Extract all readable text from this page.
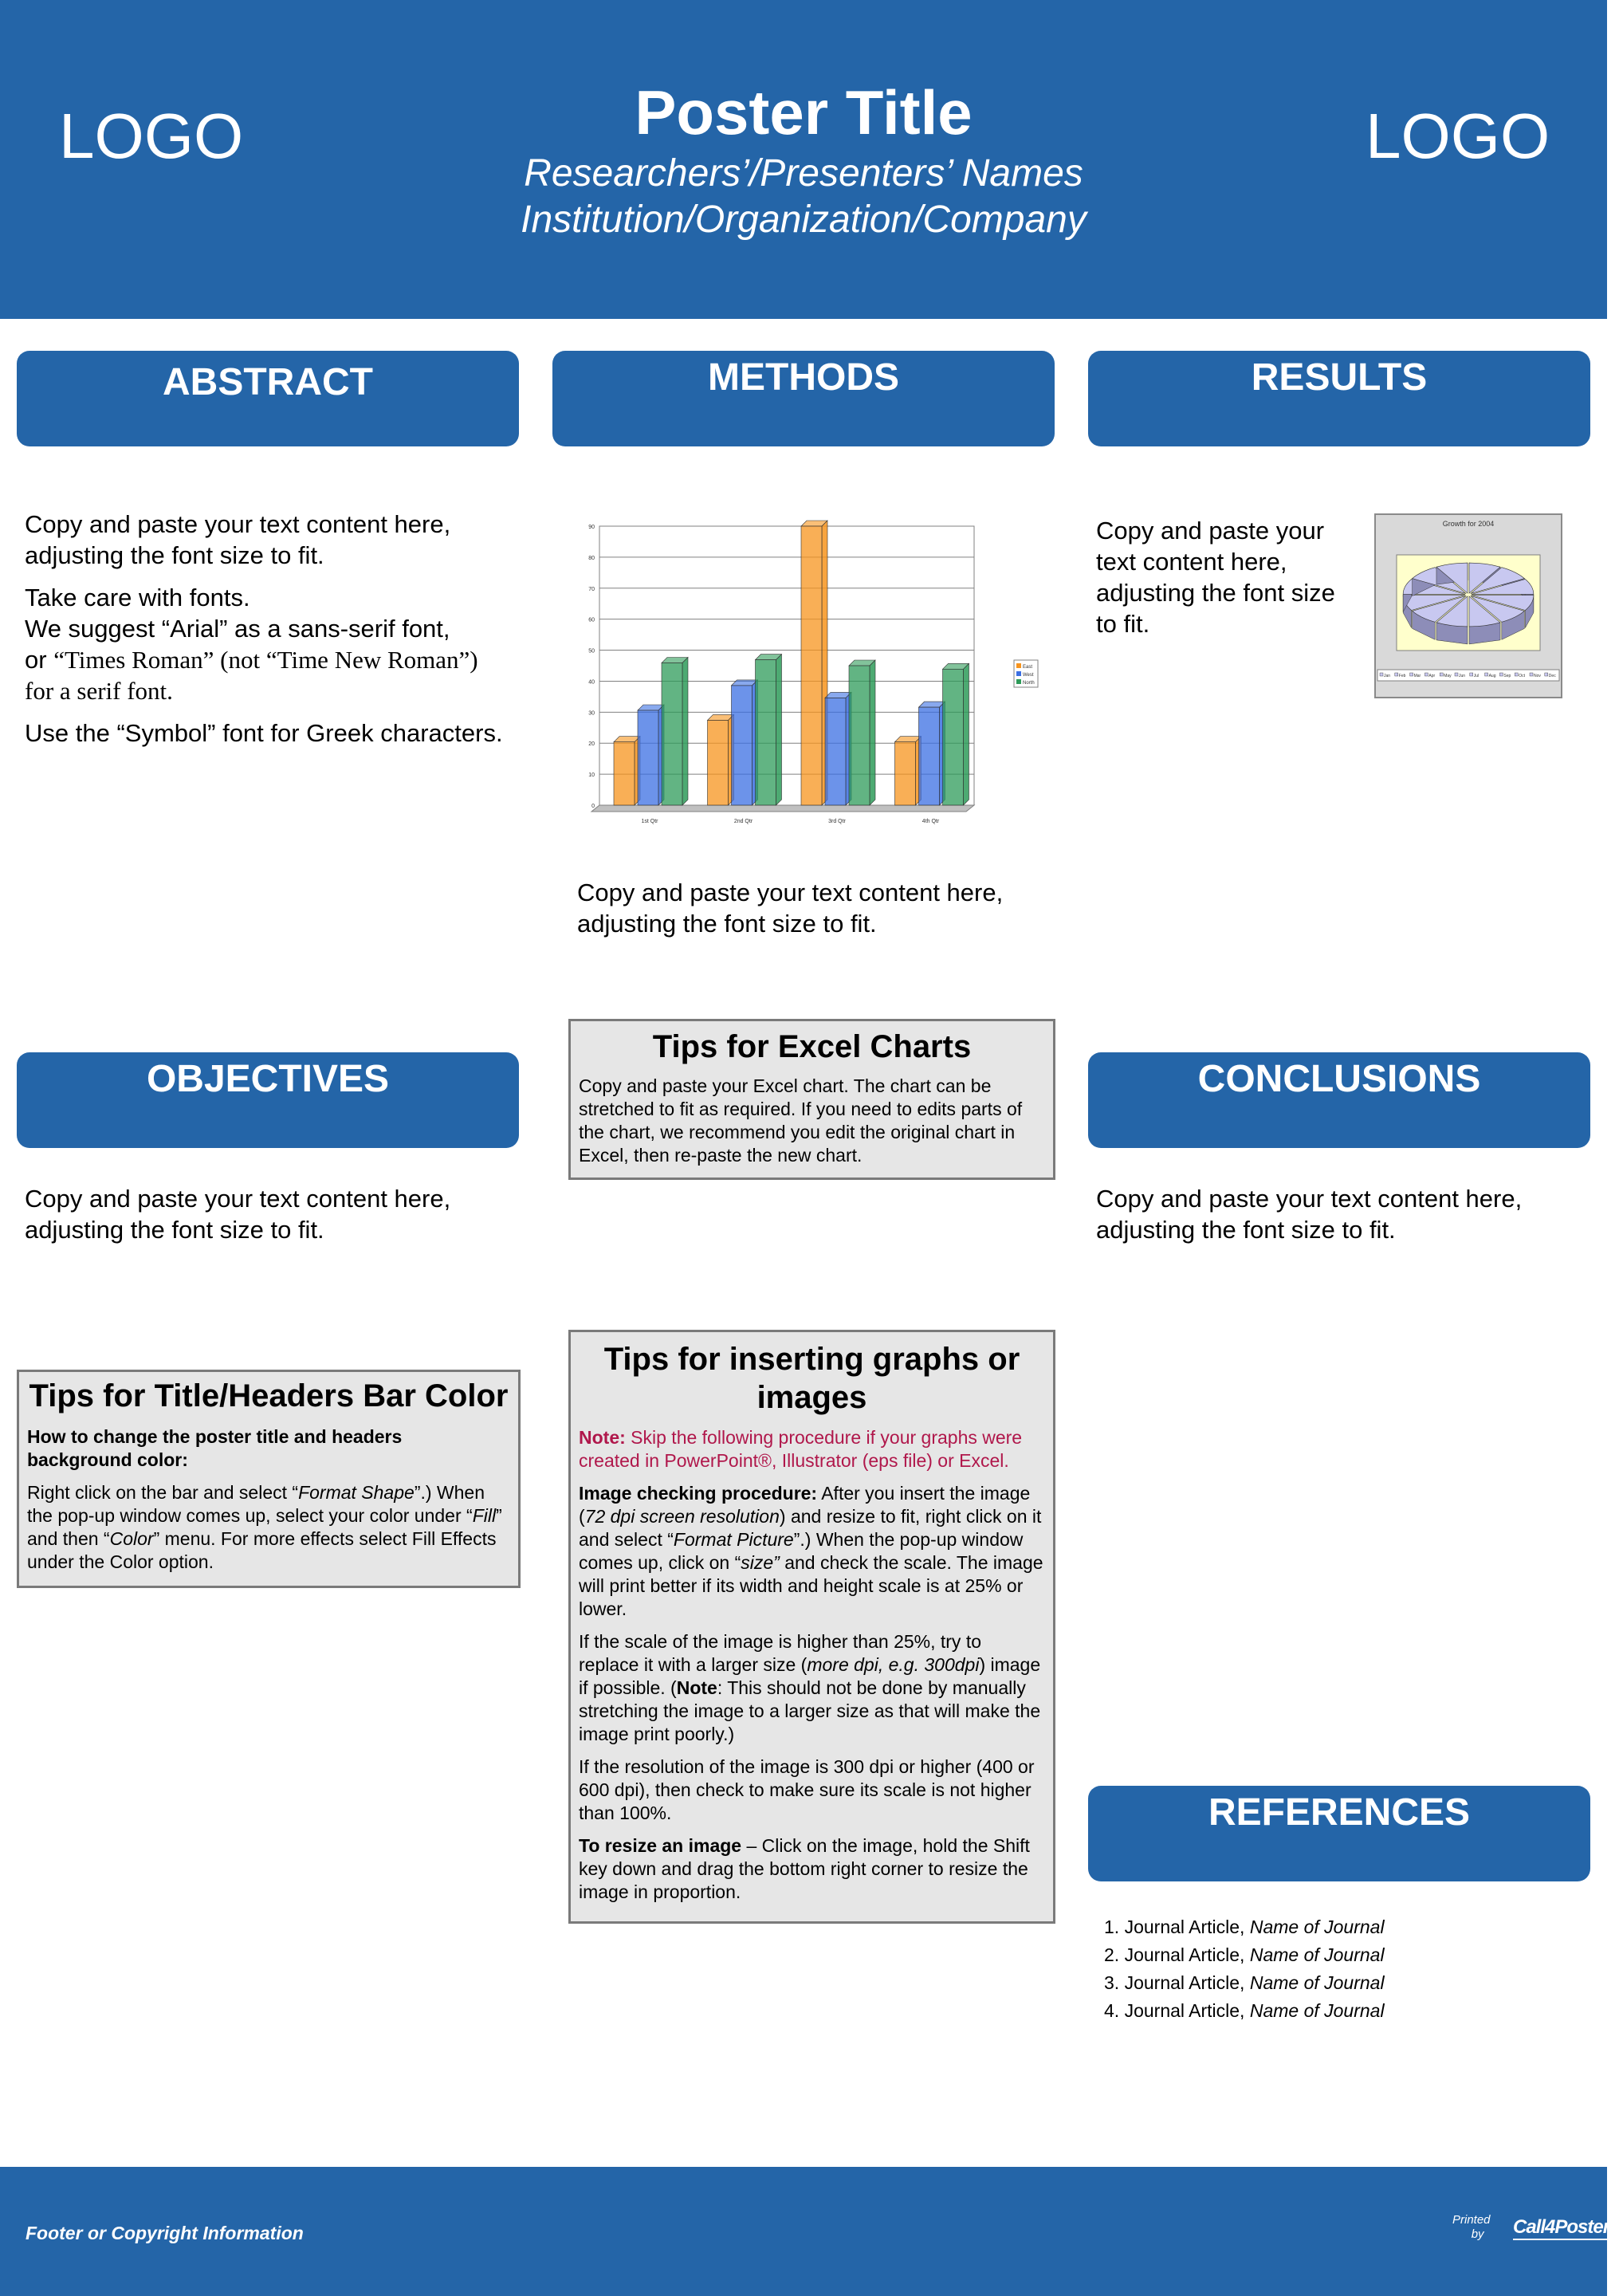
LOGO	LOGO
Poster Title
Researchers’/Presenters’ Names
Institution/Organization/Company
ABSTRACT	METHODS	RESULTS
OBJECTIVES	CONCLUSIONS
REFERENCES

Copy and paste your text content here, adjusting the font size to fit.

Take care with fonts.

We suggest “Arial” as a sans-serif font,

or “Times Roman” (not “Time New Roman”) for a serif font.

Use the “Symbol” font for Greek characters.

0
10
20
30
40
50
60
70
80
90
1st Qtr	2nd Qtr	3rd Qtr	4th Qtr
East
West
North
Copy and paste your text content here, adjusting the font size to fit.
Copy and paste your text content here, adjusting the font size to fit.
Growth for 2004
Jan Feb Mar Apr May Jun Jul Aug Sep Oct Nov Dec
Tips for Excel Charts

Copy and paste your Excel chart. The chart can be stretched to fit as required. If you need to edits parts of the chart, we recommend you edit the original chart in Excel, then re-paste the new chart.

Copy and paste your text content here, adjusting the font size to fit.
Copy and paste your text content here, adjusting the font size to fit.
Tips for Title/Headers Bar Color

How to change the poster title and headers background color:

Right click on the bar and select “Format Shape”.) When the pop-up window comes up, select your color under “Fill” and then “Color” menu. For more effects select Fill Effects under the Color option.

Tips for inserting graphs or images

Note: Skip the following procedure if your graphs were created in PowerPoint®, Illustrator (eps file) or Excel.

Image checking procedure: After you insert the image (72 dpi screen resolution) and resize to fit, right click on it and select “Format Picture”.) When the pop-up window comes up, click on “size” and check the scale. The image will print better if its width and height scale is at 25% or lower.

If the scale of the image is higher than 25%, try to replace it with a larger size (more dpi, e.g. 300dpi) image if possible. (Note: This should not be done by manually stretching the image to a larger size as that will make the image print poorly.)

If the resolution of the image is 300 dpi or higher (400 or 600 dpi), then check to make sure its scale is not higher than 100%.

To resize an image – Click on the image, hold the Shift key down and drag the bottom right corner to resize the image in proportion.

1. Journal Article, Name of Journal
2. Journal Article, Name of Journal
3. Journal Article, Name of Journal
4. Journal Article, Name of Journal
Footer or Copyright Information
Printed
by	Call4Posters
